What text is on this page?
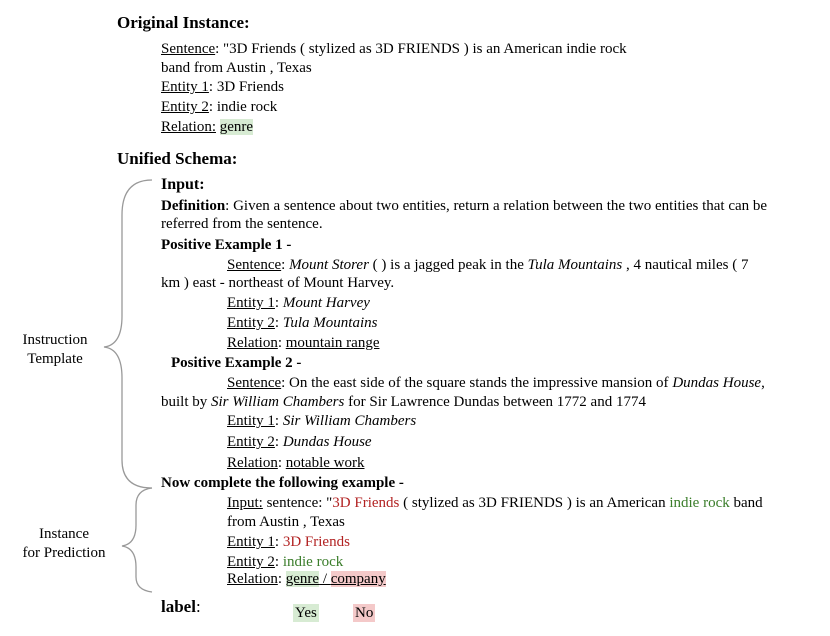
Original Instance:
Sentence: "3D Friends ( stylized as 3D FRIENDS ) is an American indie rock
band from Austin , Texas
Entity 1: 3D Friends
Entity 2: indie rock
Relation: genre
Unified Schema:
Input:
Definition: Given a sentence about two entities, return a relation between the two entities that can be referred from the sentence.
Positive Example 1 -
Sentence: Mount Storer ( ) is a jagged peak in the Tula Mountains , 4 nautical miles ( 7
km ) east - northeast of Mount Harvey.
Entity 1: Mount Harvey
Entity 2: Tula Mountains
Relation: mountain range
Positive Example 2 -
Sentence: On the east side of the square stands the impressive mansion of Dundas House,
built by Sir William Chambers for Sir Lawrence Dundas between 1772 and 1774
Entity 1: Sir William Chambers
Entity 2: Dundas House
Relation: notable work
Now complete the following example -
Input: sentence: "3D Friends ( stylized as 3D FRIENDS ) is an American indie rock band
from Austin , Texas
Entity 1: 3D Friends
Entity 2: indie rock
Relation: genre / company
label:	Yes	No
Instruction
Template
Instance
for Prediction
